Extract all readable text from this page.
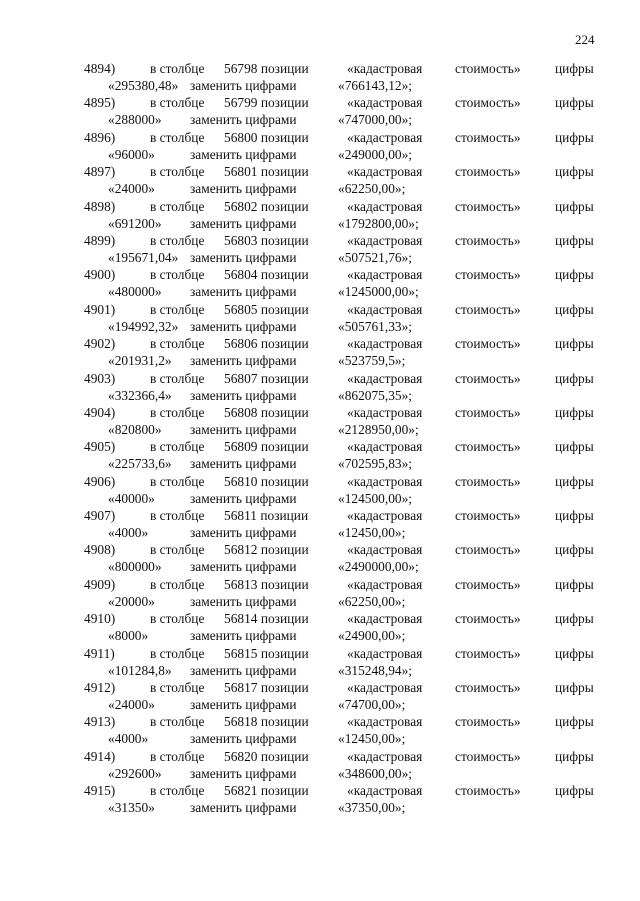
224
4894)	в столбце 56798 позиции	«кадастровая стоимость»	цифры
«295380,48» заменить цифрами	«766143,12»;
4895)	в столбце 56799 позиции	«кадастровая стоимость»	цифры
«288000» заменить цифрами	«747000,00»;
4896)	в столбце 56800 позиции	«кадастровая стоимость»	цифры
«96000»	заменить цифрами	«249000,00»;
4897)	в столбце 56801 позиции	«кадастровая стоимость»	цифры
«24000»	заменить цифрами	«62250,00»;
4898)	в столбце 56802 позиции	«кадастровая стоимость»	цифры
«691200» заменить цифрами	«1792800,00»;
4899)	в столбце 56803 позиции	«кадастровая стоимость»	цифры
«195671,04» заменить цифрами	«507521,76»;
4900)	в столбце 56804 позиции	«кадастровая стоимость»	цифры
«480000» заменить цифрами	«1245000,00»;
4901)	в столбце 56805 позиции	«кадастровая стоимость»	цифры
«194992,32» заменить цифрами	«505761,33»;
4902)	в столбце 56806 позиции	«кадастровая стоимость»	цифры
«201931,2» заменить цифрами	«523759,5»;
4903)	в столбце 56807 позиции	«кадастровая стоимость»	цифры
«332366,4» заменить цифрами	«862075,35»;
4904)	в столбце 56808 позиции	«кадастровая стоимость»	цифры
«820800» заменить цифрами	«2128950,00»;
4905)	в столбце 56809 позиции	«кадастровая стоимость»	цифры
«225733,6» заменить цифрами	«702595,83»;
4906)	в столбце 56810 позиции	«кадастровая стоимость»	цифры
«40000»	заменить цифрами	«124500,00»;
4907)	в столбце 56811 позиции	«кадастровая стоимость»	цифры
«4000»	заменить цифрами	«12450,00»;
4908)	в столбце 56812 позиции	«кадастровая стоимость»	цифры
«800000» заменить цифрами	«2490000,00»;
4909)	в столбце 56813 позиции	«кадастровая стоимость»	цифры
«20000»	заменить цифрами	«62250,00»;
4910)	в столбце 56814 позиции	«кадастровая стоимость»	цифры
«8000»	заменить цифрами	«24900,00»;
4911)	в столбце 56815 позиции	«кадастровая стоимость»	цифры
«101284,8» заменить цифрами	«315248,94»;
4912)	в столбце 56817 позиции	«кадастровая стоимость»	цифры
«24000»	заменить цифрами	«74700,00»;
4913)	в столбце 56818 позиции	«кадастровая стоимость»	цифры
«4000»	заменить цифрами	«12450,00»;
4914)	в столбце 56820 позиции	«кадастровая стоимость»	цифры
«292600» заменить цифрами	«348600,00»;
4915)	в столбце 56821 позиции	«кадастровая стоимость»	цифры
«31350»	заменить цифрами	«37350,00»;
